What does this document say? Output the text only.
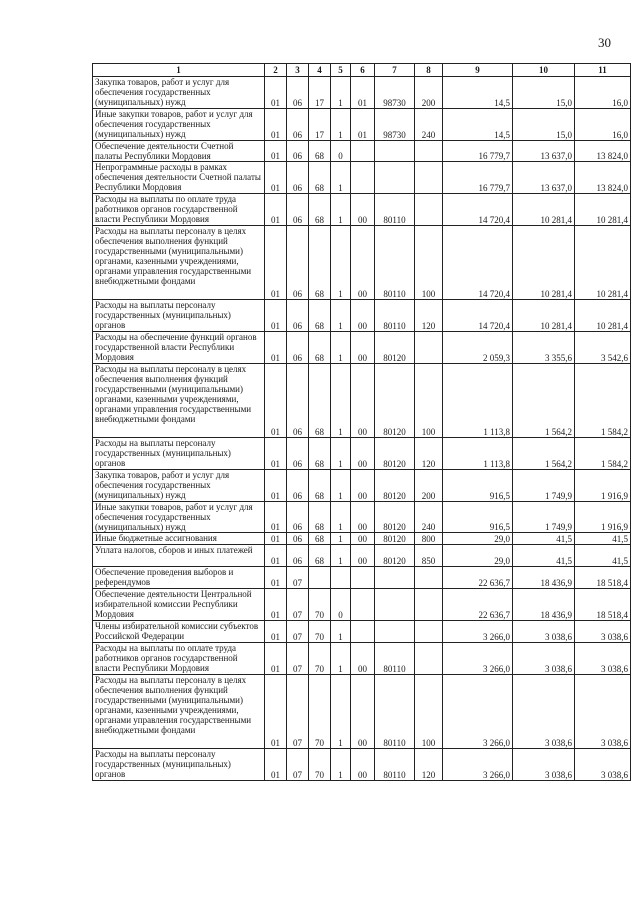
30
1	2	3	4	5	6	7	8	9	10	11
Закупка товаров, работ и услуг для обеспечения государственных (муниципальных) нужд	01	06	17	1	01	98730	200	14,5	15,0	16,0
Иные закупки товаров, работ и услуг для обеспечения государственных (муниципальных) нужд	01	06	17	1	01	98730	240	14,5	15,0	16,0
Обеспечение деятельности Счетной палаты Республики Мордовия	01	06	68	0				16 779,7	13 637,0	13 824,0
Непрограммные расходы в рамках обеспечения деятельности Счетной палаты Республики Мордовия	01	06	68	1				16 779,7	13 637,0	13 824,0
Расходы на выплаты по оплате труда работников органов государственной власти Республики Мордовия	01	06	68	1	00	80110		14 720,4	10 281,4	10 281,4
Расходы на выплаты персоналу в целях обеспечения выполнения функций государственными (муниципальными) органами, казенными учреждениями, органами управления государственными внебюджетными фондами	01	06	68	1	00	80110	100	14 720,4	10 281,4	10 281,4
Расходы на выплаты персоналу государственных (муниципальных) органов	01	06	68	1	00	80110	120	14 720,4	10 281,4	10 281,4
Расходы на обеспечение функций органов государственной власти Республики Мордовия	01	06	68	1	00	80120		2 059,3	3 355,6	3 542,6
Расходы на выплаты персоналу в целях обеспечения выполнения функций государственными (муниципальными) органами, казенными учреждениями, органами управления государственными внебюджетными фондами	01	06	68	1	00	80120	100	1 113,8	1 564,2	1 584,2
Расходы на выплаты персоналу государственных (муниципальных) органов	01	06	68	1	00	80120	120	1 113,8	1 564,2	1 584,2
Закупка товаров, работ и услуг для обеспечения государственных (муниципальных) нужд	01	06	68	1	00	80120	200	916,5	1 749,9	1 916,9
Иные закупки товаров, работ и услуг для обеспечения государственных (муниципальных) нужд	01	06	68	1	00	80120	240	916,5	1 749,9	1 916,9
Иные бюджетные ассигнования	01	06	68	1	00	80120	800	29,0	41,5	41,5
Уплата налогов, сборов и иных платежей	01	06	68	1	00	80120	850	29,0	41,5	41,5
Обеспечение проведения выборов и референдумов	01	07						22 636,7	18 436,9	18 518,4
Обеспечение деятельности Центральной избирательной комиссии Республики Мордовия	01	07	70	0				22 636,7	18 436,9	18 518,4
Члены избирательной комиссии субъектов Российской Федерации	01	07	70	1				3 266,0	3 038,6	3 038,6
Расходы на выплаты по оплате труда работников органов государственной власти Республики Мордовия	01	07	70	1	00	80110		3 266,0	3 038,6	3 038,6
Расходы на выплаты персоналу в целях обеспечения выполнения функций государственными (муниципальными) органами, казенными учреждениями, органами управления государственными внебюджетными фондами	01	07	70	1	00	80110	100	3 266,0	3 038,6	3 038,6
Расходы на выплаты персоналу государственных (муниципальных) органов	01	07	70	1	00	80110	120	3 266,0	3 038,6	3 038,6
